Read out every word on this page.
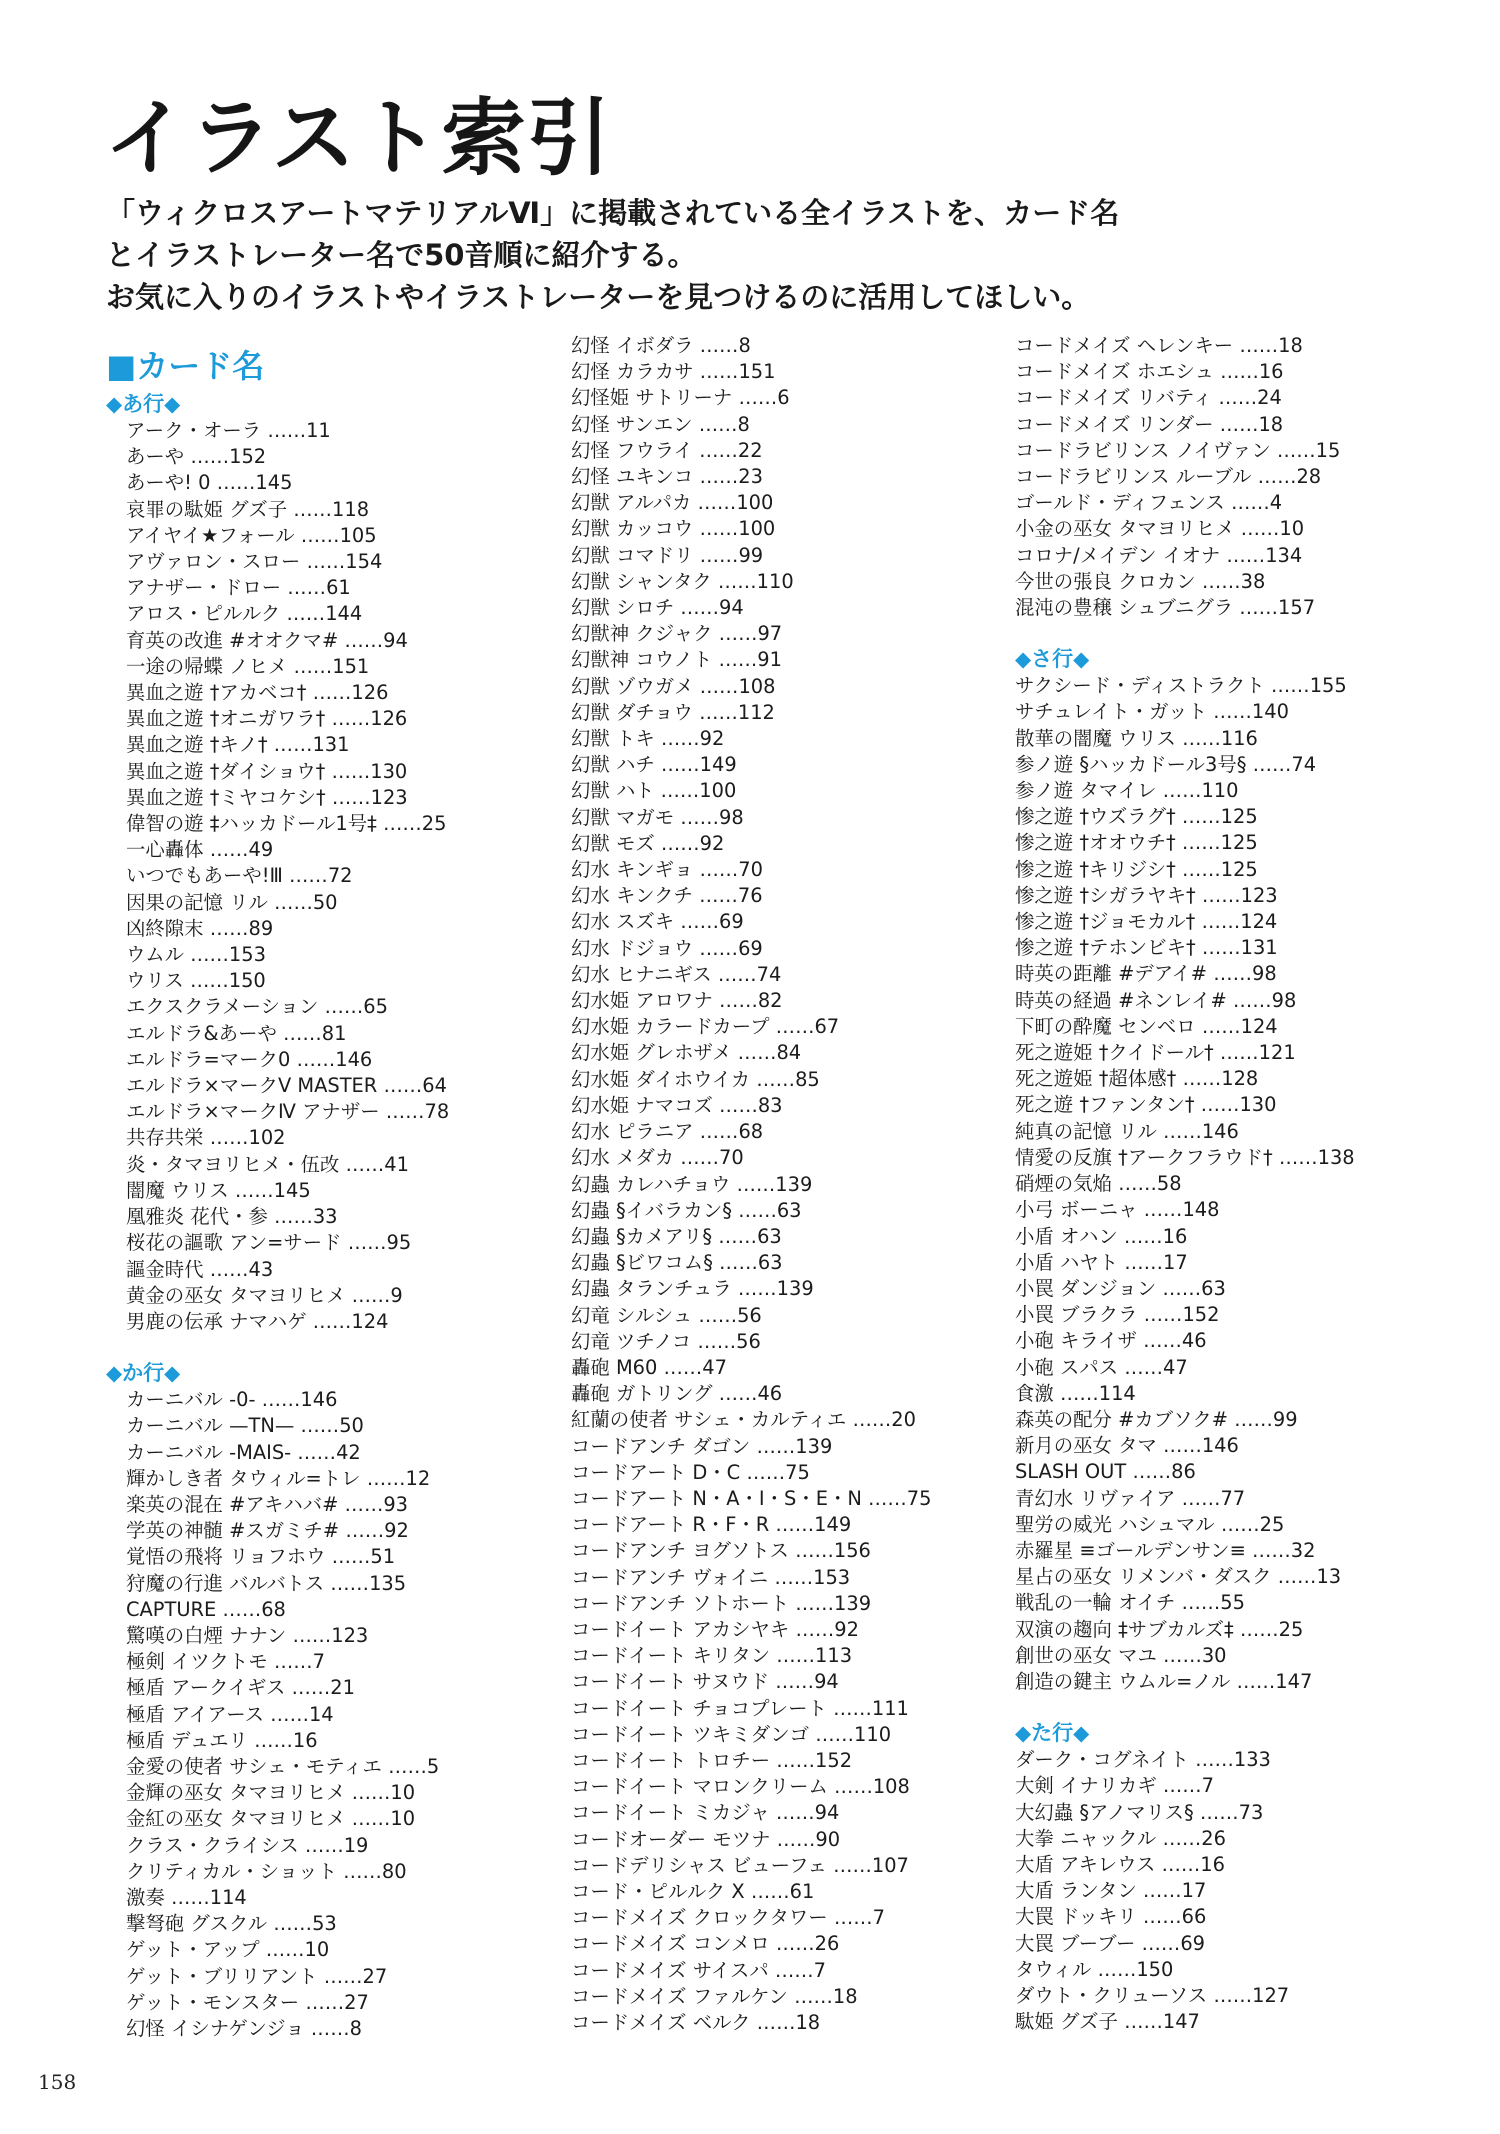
イラスト索引
「ウィクロスアートマテリアルⅥ」に掲載されている全イラストを、カード名
とイラストレーター名で50音順に紹介する。
お気に入りのイラストやイラストレーターを見つけるのに活用してほしい。
■カード名
◆あ行◆
アーク・オーラ ……11
あーや ……152
あーや! 0 ……145
哀罪の駄姫 グズ子 ……118
アイヤイ★フォール ……105
アヴァロン・スロー ……154
アナザー・ドロー ……61
アロス・ピルルク ……144
育英の改進 #オオクマ# ……94
一途の帰蝶 ノヒメ ……151
異血之遊 †アカベコ† ……126
異血之遊 †オニガワラ† ……126
異血之遊 †キノ† ……131
異血之遊 †ダイショウ† ……130
異血之遊 †ミヤコケシ† ……123
偉智の遊 ‡ハッカドール1号‡ ……25
一心轟体 ……49
いつでもあーや!Ⅲ ……72
因果の記憶 リル ……50
凶終隙末 ……89
ウムル ……153
ウリス ……150
エクスクラメーション ……65
エルドラ&あーや ……81
エルドラ=マーク0 ……146
エルドラ×マークV MASTER ……64
エルドラ×マークⅣ アナザー ……78
共存共栄 ……102
炎・タマヨリヒメ・伍改 ……41
闇魔 ウリス ……145
凰雅炎 花代・参 ……33
桜花の謳歌 アン=サード ……95
謳金時代 ……43
黄金の巫女 タマヨリヒメ ……9
男鹿の伝承 ナマハゲ ……124
◆か行◆
カーニバル -0- ……146
カーニバル —TN— ……50
カーニバル -MAIS- ……42
輝かしき者 タウィル=トレ ……12
楽英の混在 #アキハバ# ……93
学英の神髄 #スガミチ# ……92
覚悟の飛将 リョフホウ ……51
狩魔の行進 バルバトス ……135
CAPTURE ……68
驚嘆の白煙 ナナン ……123
極剣 イツクトモ ……7
極盾 アークイギス ……21
極盾 アイアース ……14
極盾 デュエリ ……16
金愛の使者 サシェ・モティエ ……5
金輝の巫女 タマヨリヒメ ……10
金紅の巫女 タマヨリヒメ ……10
クラス・クライシス ……19
クリティカル・ショット ……80
激奏 ……114
撃弩砲 グスクル ……53
ゲット・アップ ……10
ゲット・ブリリアント ……27
ゲット・モンスター ……27
幻怪 イシナゲンジョ ……8
幻怪 イボダラ ……8
幻怪 カラカサ ……151
幻怪姫 サトリーナ ……6
幻怪 サンエン ……8
幻怪 フウライ ……22
幻怪 ユキンコ ……23
幻獣 アルパカ ……100
幻獣 カッコウ ……100
幻獣 コマドリ ……99
幻獣 シャンタク ……110
幻獣 シロチ ……94
幻獣神 クジャク ……97
幻獣神 コウノト ……91
幻獣 ゾウガメ ……108
幻獣 ダチョウ ……112
幻獣 トキ ……92
幻獣 ハチ ……149
幻獣 ハト ……100
幻獣 マガモ ……98
幻獣 モズ ……92
幻水 キンギョ ……70
幻水 キンクチ ……76
幻水 スズキ ……69
幻水 ドジョウ ……69
幻水 ヒナニギス ……74
幻水姫 アロワナ ……82
幻水姫 カラードカープ ……67
幻水姫 グレホザメ ……84
幻水姫 ダイホウイカ ……85
幻水姫 ナマコズ ……83
幻水 ピラニア ……68
幻水 メダカ ……70
幻蟲 カレハチョウ ……139
幻蟲 §イバラカン§ ……63
幻蟲 §カメアリ§ ……63
幻蟲 §ビワコム§ ……63
幻蟲 タランチュラ ……139
幻竜 シルシュ ……56
幻竜 ツチノコ ……56
轟砲 M60 ……47
轟砲 ガトリング ……46
紅蘭の使者 サシェ・カルティエ ……20
コードアンチ ダゴン ……139
コードアート D・C ……75
コードアート N・A・I・S・E・N ……75
コードアート R・F・R ……149
コードアンチ ヨグソトス ……156
コードアンチ ヴォイニ ……153
コードアンチ ソトホート ……139
コードイート アカシヤキ ……92
コードイート キリタン ……113
コードイート サヌウド ……94
コードイート チョコプレート ……111
コードイート ツキミダンゴ ……110
コードイート トロチー ……152
コードイート マロンクリーム ……108
コードイート ミカジャ ……94
コードオーダー モツナ ……90
コードデリシャス ビューフェ ……107
コード・ピルルク X ……61
コードメイズ クロックタワー ……7
コードメイズ コンメロ ……26
コードメイズ サイスパ ……7
コードメイズ ファルケン ……18
コードメイズ ベルク ……18
コードメイズ ヘレンキー ……18
コードメイズ ホエシュ ……16
コードメイズ リバティ ……24
コードメイズ リンダー ……18
コードラビリンス ノイヴァン ……15
コードラビリンス ルーブル ……28
ゴールド・ディフェンス ……4
小金の巫女 タマヨリヒメ ……10
コロナ/メイデン イオナ ……134
今世の張良 クロカン ……38
混沌の豊穣 シュブニグラ ……157
◆さ行◆
サクシード・ディストラクト ……155
サチュレイト・ガット ……140
散華の闇魔 ウリス ……116
参ノ遊 §ハッカドール3号§ ……74
参ノ遊 タマイレ ……110
惨之遊 †ウズラグ† ……125
惨之遊 †オオウチ† ……125
惨之遊 †キリジシ† ……125
惨之遊 †シガラヤキ† ……123
惨之遊 †ジョモカル† ……124
惨之遊 †テホンビキ† ……131
時英の距離 #デアイ# ……98
時英の経過 #ネンレイ# ……98
下町の酔魔 センベロ ……124
死之遊姫 †クイドール† ……121
死之遊姫 †超体感† ……128
死之遊 †ファンタン† ……130
純真の記憶 リル ……146
情愛の反旗 †アークフラウド† ……138
硝煙の気焔 ……58
小弓 ボーニャ ……148
小盾 オハン ……16
小盾 ハヤト ……17
小罠 ダンジョン ……63
小罠 ブラクラ ……152
小砲 キライザ ……46
小砲 スパス ……47
食激 ……114
森英の配分 #カブソク# ……99
新月の巫女 タマ ……146
SLASH OUT ……86
青幻水 リヴァイア ……77
聖労の威光 ハシュマル ……25
赤羅星 ≡ゴールデンサン≡ ……32
星占の巫女 リメンバ・ダスク ……13
戦乱の一輪 オイチ ……55
双演の趨向 ‡サブカルズ‡ ……25
創世の巫女 マユ ……30
創造の鍵主 ウムル=ノル ……147
◆た行◆
ダーク・コグネイト ……133
大剣 イナリカギ ……7
大幻蟲 §アノマリス§ ……73
大拳 ニャックル ……26
大盾 アキレウス ……16
大盾 ランタン ……17
大罠 ドッキリ ……66
大罠 ブーブー ……69
タウィル ……150
ダウト・クリューソス ……127
駄姫 グズ子 ……147
158
